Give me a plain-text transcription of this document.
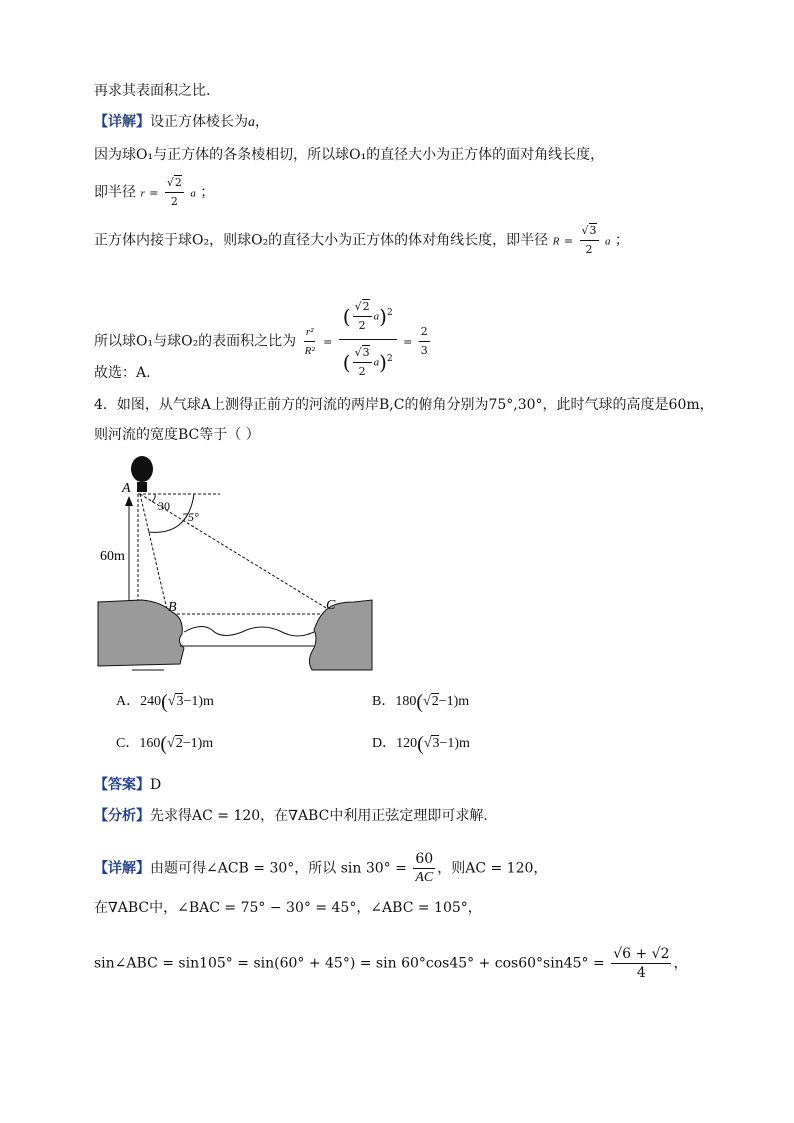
再求其表面积之比.
【详解】设正方体棱长为a，
因为球O₁与正方体的各条棱相切，所以球O₁的直径大小为正方体的面对角线长度，
即半径 $r = \frac{√2}{2}$ a ；
正方体内接于球O₂，则球O₂的直径大小为正方体的体对角线长度，即半径 $R = \frac{√3}{2}$ a ；
所以球O₁与球O₂的表面积之比为 $\frac{\text{r²}}{\text{R²}} = \frac{( \frac{√2}{2} a)^2}{( \frac{√3}{2} a)^2} = \frac{2}{3}$
故选：A.
4．如图，从气球A上测得正前方的河流的两岸B,C的俯角分别为75°,30°，此时气球的高度是60m，
则河流的宽度BC等于（ ）
A
30
75°
60m
B	C
A．240(√3−1)m	B．180(√2−1)m
C．160(√2−1)m	D．120(√3−1)m
【答案】D
【分析】先求得AC = 120，在∇ABC中利用正弦定理即可求解.
【详解】由题可得∠ACB = 30°，所以 $\sin 30^\circ = \frac{60}{AC}$ ，则AC = 120，
在∇ABC中，∠BAC = 75° − 30° = 45°，∠ABC = 105°，
sin∠ABC = $\sin 105^\circ = \sin(60^\circ + 45^\circ) = \sin 60^\circ\cos 45^\circ + \cos 60^\circ\sin 45^\circ = \frac{√6 + √2}{4}$ ，
